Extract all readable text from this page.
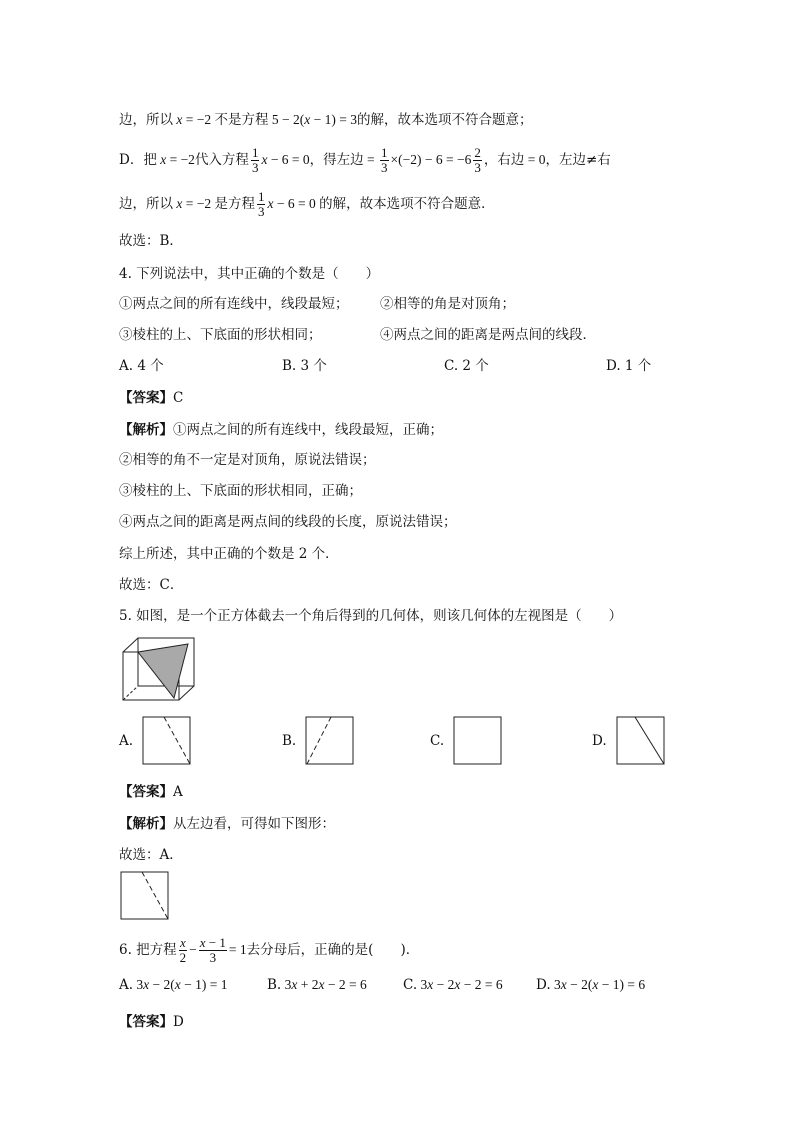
边，所以 x = −2 不是方程 5 − 2(x − 1) = 3的解，故本选项不符合题意；
D．把 x = −2代入方程 $\frac{1}{3}$ x − 6 = 0，得左边 = $\frac{1}{3} \times(-2) - 6 = -6 \frac{2}{3}$ ，右边 = 0，左边≠右
边，所以 x = −2 是方程 $\frac{1}{3}$ x − 6 = 0 的解，故本选项不符合题意．
故选：B．
4. 下列说法中，其中正确的个数是（　　）
①两点之间的所有连线中，线段最短； ②相等的角是对顶角；
③棱柱的上、下底面的形状相同；	④两点之间的距离是两点间的线段．
A. 4 个	B. 3 个	C. 2 个	D. 1 个
【答案】C
【解析】①两点之间的所有连线中，线段最短，正确；
②相等的角不一定是对顶角，原说法错误；
③棱柱的上、下底面的形状相同，正确；
④两点之间的距离是两点间的线段的长度，原说法错误；
综上所述，其中正确的个数是 2 个．
故选：C．
5. 如图，是一个正方体截去一个角后得到的几何体，则该几何体的左视图是（　　）
A.	B.	C.	D.
【答案】A
【解析】从左边看，可得如下图形：
故选：A．
6. 把方程 $\frac{x}{2} - \frac{x - 1}{3} = 1$去分母后，正确的是(　　)．
A. 3x − 2(x − 1) = 1	B. 3x + 2x − 2 = 6	C. 3x − 2x − 2 = 6 D. 3x − 2(x − 1) = 6
【答案】D
